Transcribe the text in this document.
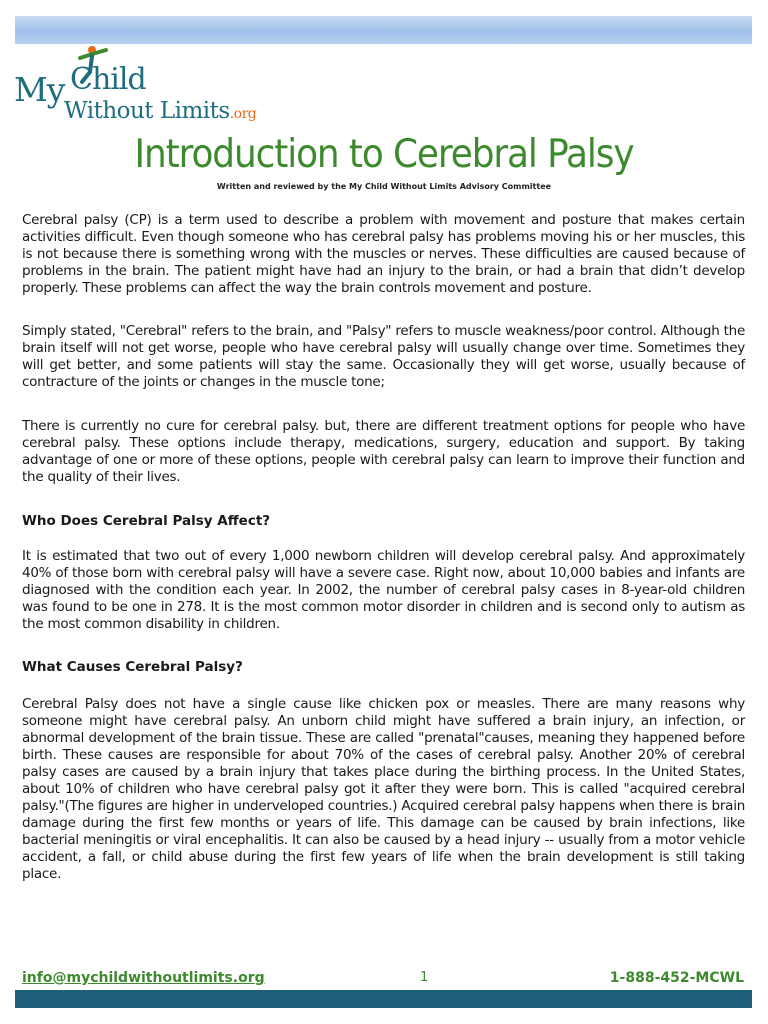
My Child
Without Limits.org
Introduction to Cerebral Palsy
Written and reviewed by the My Child Without Limits Advisory Committee

Cerebral palsy (CP) is a term used to describe a problem with movement and posture that makes certain activities difficult. Even though someone who has cerebral palsy has problems moving his or her muscles, this is not because there is something wrong with the muscles or nerves. These difficulties are caused because of problems in the brain. The patient might have had an injury to the brain, or had a brain that didn’t develop properly. These problems can affect the way the brain controls movement and posture.

Simply stated, "Cerebral" refers to the brain, and "Palsy" refers to muscle weakness/poor control. Although the brain itself will not get worse, people who have cerebral palsy will usually change over time. Sometimes they will get better, and some patients will stay the same. Occasionally they will get worse, usually because of contracture of the joints or changes in the muscle tone;

There is currently no cure for cerebral palsy. but, there are different treatment options for people who have cerebral palsy. These options include therapy, medications, surgery, education and support. By taking advantage of one or more of these options, people with cerebral palsy can learn to improve their function and the quality of their lives.

Who Does Cerebral Palsy Affect?

It is estimated that two out of every 1,000 newborn children will develop cerebral palsy. And approximately 40% of those born with cerebral palsy will have a severe case. Right now, about 10,000 babies and infants are diagnosed with the condition each year. In 2002, the number of cerebral palsy cases in 8-year-old children was found to be one in 278. It is the most common motor disorder in children and is second only to autism as the most common disability in children.

What Causes Cerebral Palsy?

Cerebral Palsy does not have a single cause like chicken pox or measles. There are many reasons why someone might have cerebral palsy. An unborn child might have suffered a brain injury, an infection, or abnormal development of the brain tissue. These are called "prenatal"causes, meaning they happened before birth. These causes are responsible for about 70% of the cases of cerebral palsy. Another 20% of cerebral palsy cases are caused by a brain injury that takes place during the birthing process. In the United States, about 10% of children who have cerebral palsy got it after they were born. This is called "acquired cerebral palsy."(The figures are higher in underveloped countries.) Acquired cerebral palsy happens when there is brain damage during the first few months or years of life. This damage can be caused by brain infections, like bacterial meningitis or viral encephalitis. It can also be caused by a head injury -- usually from a motor vehicle accident, a fall, or child abuse during the first few years of life when the brain development is still taking place.

info@mychildwithoutlimits.org	1	1-888-452-MCWL
